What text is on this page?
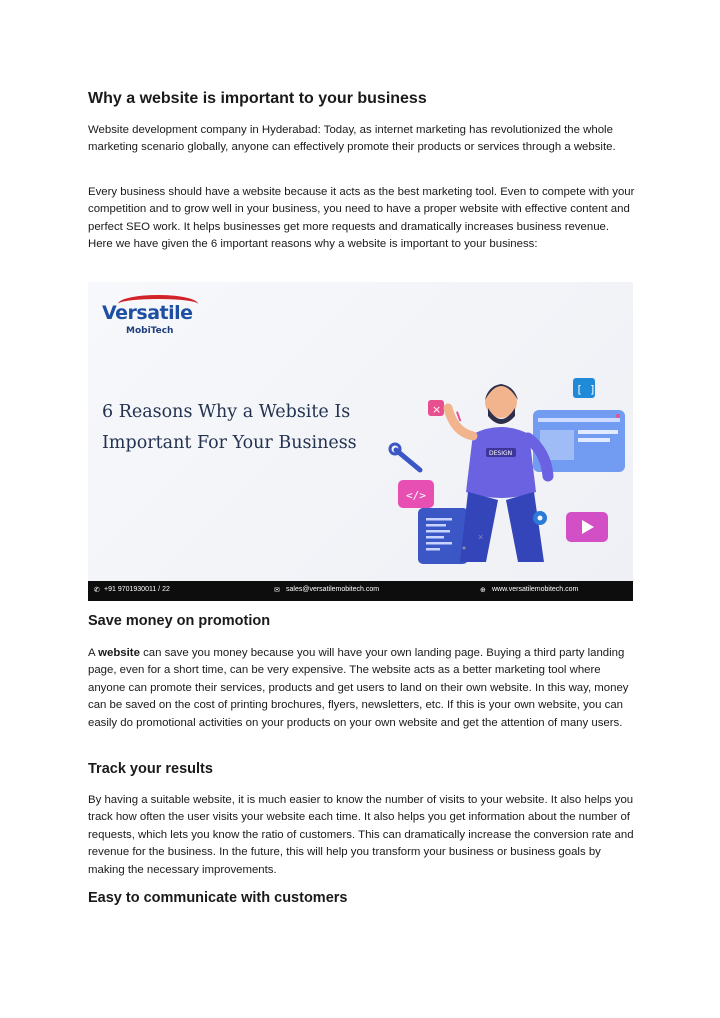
Why a website is important to your business

Website development company in Hyderabad: Today, as internet marketing has revolutionized the whole marketing scenario globally, anyone can effectively promote their products or services through a website.

Every business should have a website because it acts as the best marketing tool. Even to compete with your competition and to grow well in your business, you need to have a proper website with effective content and perfect SEO work. It helps businesses get more requests and dramatically increases business revenue. Here we have given the 6 important reasons why a website is important to your business:

Save money on promotion

A website can save you money because you will have your own landing page. Buying a third party landing page, even for a short time, can be very expensive. The website acts as a better marketing tool where anyone can promote their services, products and get users to land on their own website. In this way, money can be saved on the cost of printing brochures, flyers, newsletters, etc. If this is your own website, you can easily do promotional activities on your products on your own website and get the attention of many users.

Track your results

By having a suitable website, it is much easier to know the number of visits to your website. It also helps you track how often the user visits your website each time. It also helps you get information about the number of requests, which lets you know the ratio of customers. This can dramatically increase the conversion rate and revenue for the business. In the future, this will help you transform your business or business goals by making the necessary improvements.

Easy to communicate with customers
Versatile
MobiTech
6 Reasons Why a Website Is
Important For Your Business
</>
×
[ ]
DESIGN
×
✆ +91 9701930011 / 22	✉ sales@versatilemobitech.com	⊕ www.versatilemobitech.com
